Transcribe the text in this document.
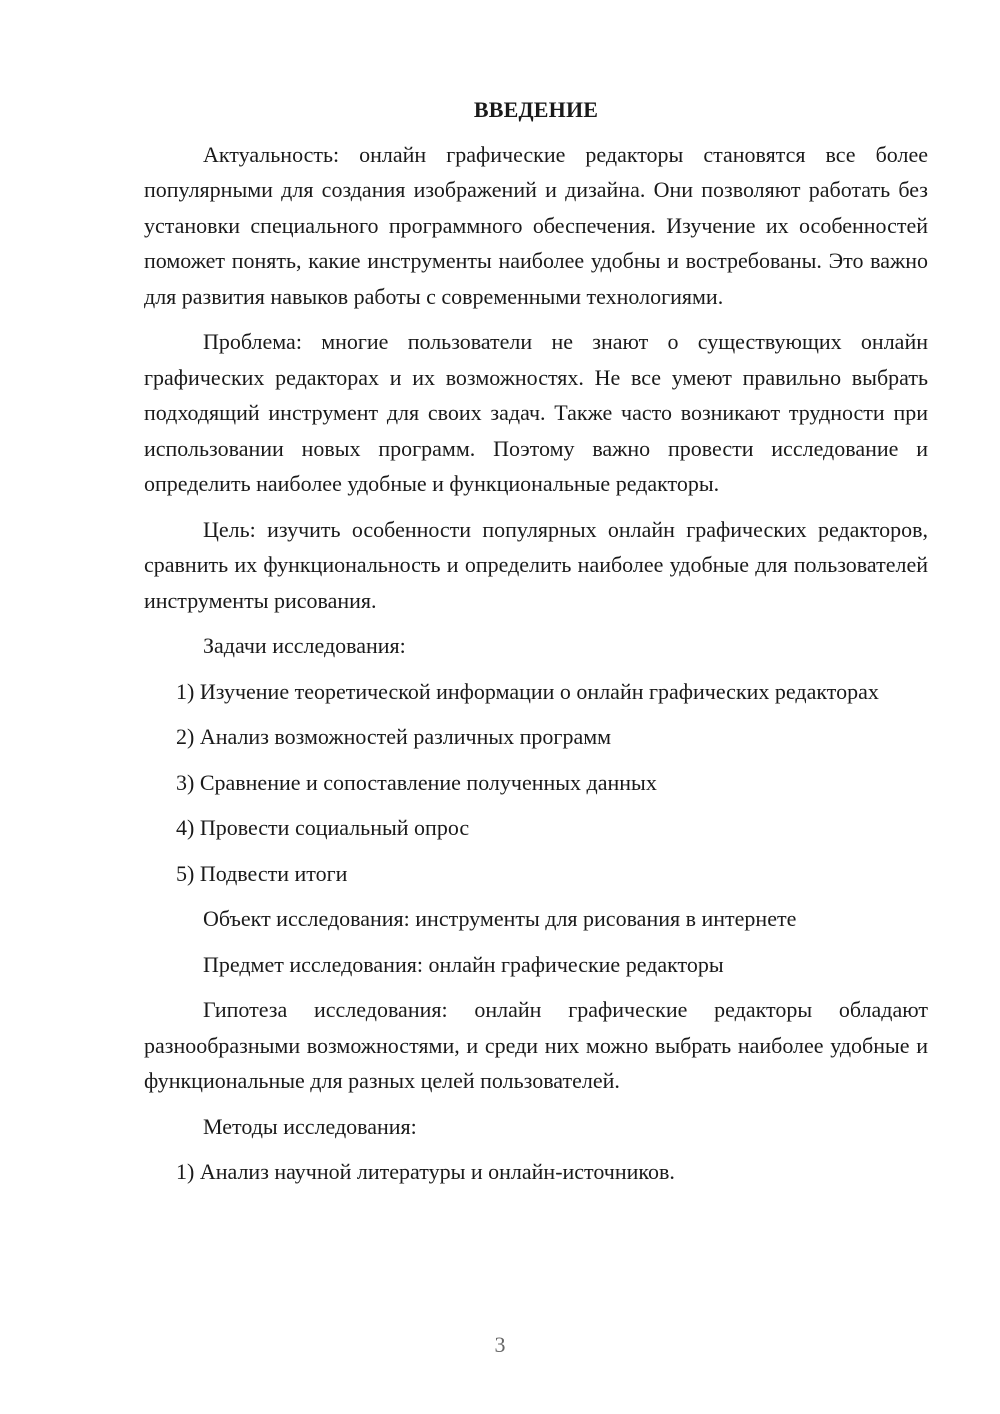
ВВЕДЕНИЕ

Актуальность: онлайн графические редакторы становятся все более популярными для создания изображений и дизайна. Они позволяют работать без установки специального программного обеспечения. Изучение их особенностей поможет понять, какие инструменты наиболее удобны и востребованы. Это важно для развития навыков работы с современными технологиями.

Проблема: многие пользователи не знают о существующих онлайн графических редакторах и их возможностях. Не все умеют правильно выбрать подходящий инструмент для своих задач. Также часто возникают трудности при использовании новых программ. Поэтому важно провести исследование и определить наиболее удобные и функциональные редакторы.

Цель: изучить особенности популярных онлайн графических редакторов, сравнить их функциональность и определить наиболее удобные для пользователей инструменты рисования.

Задачи исследования:

1) Изучение теоретической информации о онлайн графических редакторах

2) Анализ возможностей различных программ

3) Сравнение и сопоставление полученных данных

4) Провести социальный опрос

5) Подвести итоги

Объект исследования: инструменты для рисования в интернете

Предмет исследования: онлайн графические редакторы

Гипотеза исследования: онлайн графические редакторы обладают разнообразными возможностями, и среди них можно выбрать наиболее удобные и функциональные для разных целей пользователей.

Методы исследования:

1) Анализ научной литературы и онлайн-источников.

3
